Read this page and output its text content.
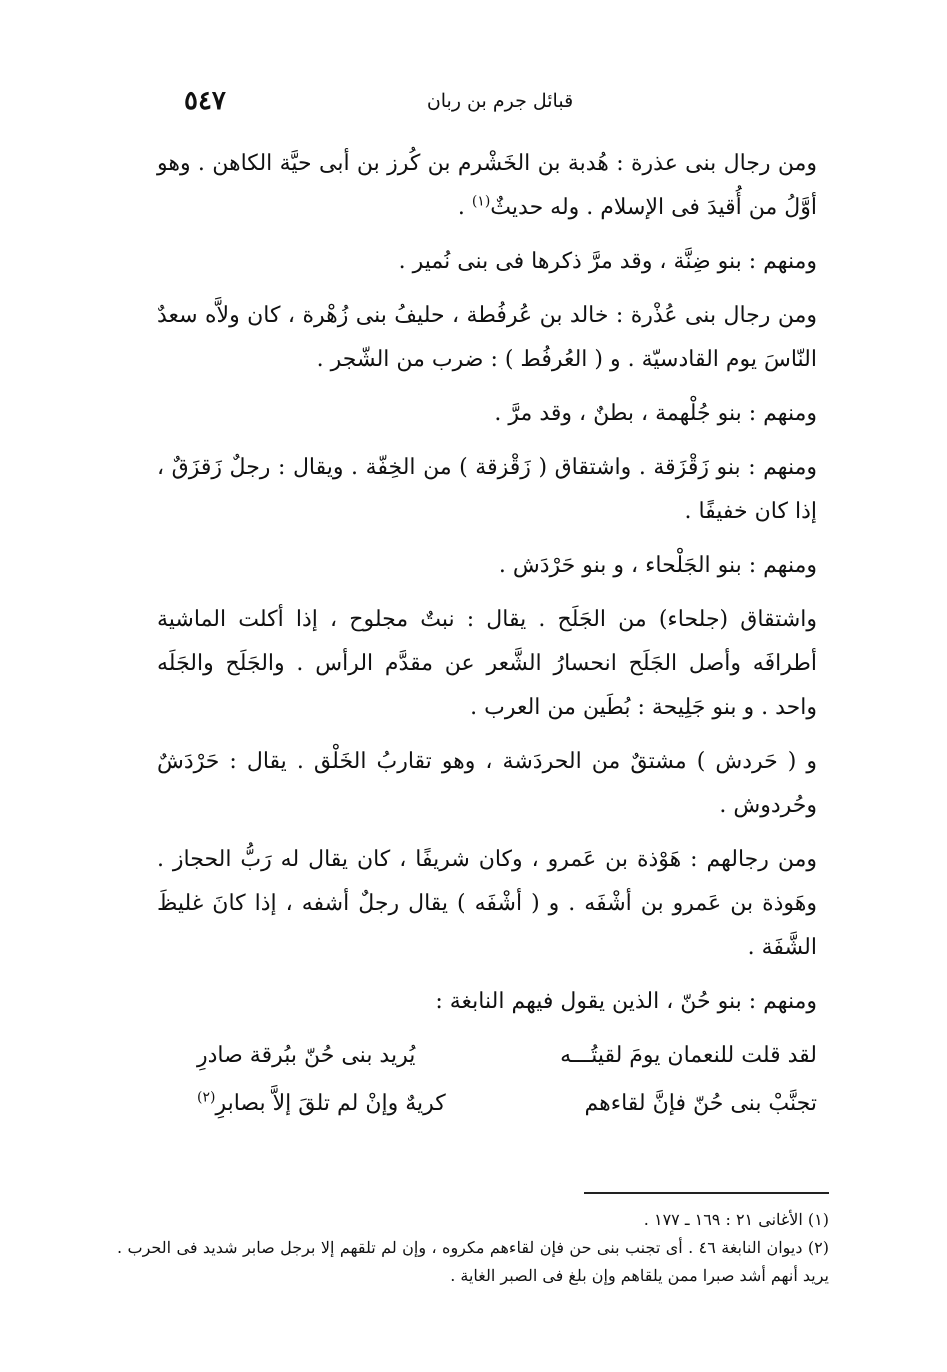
٥٤٧	قبائل جرم بن ربان

ومن رجال بنى عذرة : هُدبة بن الخَشْرم بن كُرز بن أبى حيَّة الكاهن . وهو أوَّلُ من أُقيدَ فى الإسلام . وله حديثٌ$^{(١)}$ .

ومنهم : بنو ضِنَّة ، وقد مرَّ ذكرها فى بنى نُمير .

ومن رجال بنى عُذْرة : خالد بن عُرفُطة ، حليفُ بنى زُهْرة ، كان ولاَّه سعدٌ النّاسَ يوم القادسيّة . و ( العُرفُط ) : ضرب من الشّجر .

ومنهم : بنو جُلْهمة ، بطنٌ ، وقد مرَّ .

ومنهم : بنو زَقْزَقة . واشتقاق ( زَقْزقة ) من الخِفّة . ويقال : رجلٌ زَقزَقٌ ، إذا كان خفيفًا .

ومنهم : بنو الجَلْحاء ، و بنو حَرْدَش .

واشتقاق (جلحاء) من الجَلَح . يقال : نبتٌ مجلوح ، إذا أكلت الماشية أطرافَه وأصل الجَلَح انحسارُ الشَّعر عن مقدَّم الرأس . والجَلَح والجَلَه واحد . و بنو جَلِيحة : بُطَين من العرب .

و ( حَردش ) مشتقٌ من الحردَشة ، وهو تقاربُ الخَلْق . يقال : حَرْدَشٌ وحُردوش .

ومن رجالهم : هَوْذة بن عَمرو ، وكان شريفًا ، كان يقال له رَبُّ الحجاز . وهَوذة بن عَمرو بن أشْفَه . و ( أشْفَه ) يقال رجلٌ أشفه ، إذا كانَ غليظَ الشَّفَة .

ومنهم : بنو حُنّ ، الذين يقول فيهم النابغة :

لقد قلت للنعمان يومَ لقيتُـــه
يُريد بنى حُنّ ببُرقة صادرِ
تجنَّبْ بنى حُنّ فإنَّ لقاءهم
كريهٌ وإنْ لم تلقَ إلاَّ بصابرِ$^{(٢)}$

(١) الأغانى ٢١ : ١٦٩ ـ ١٧٧ .

(٢) ديوان النابغة ٤٦ . أى تجنب بنى حن فإن لقاءهم مكروه ، وإن لم تلقهم إلا برجل صابر شديد فى الحرب . يريد أنهم أشد صبرا ممن يلقاهم وإن بلغ فى الصبر الغاية .
